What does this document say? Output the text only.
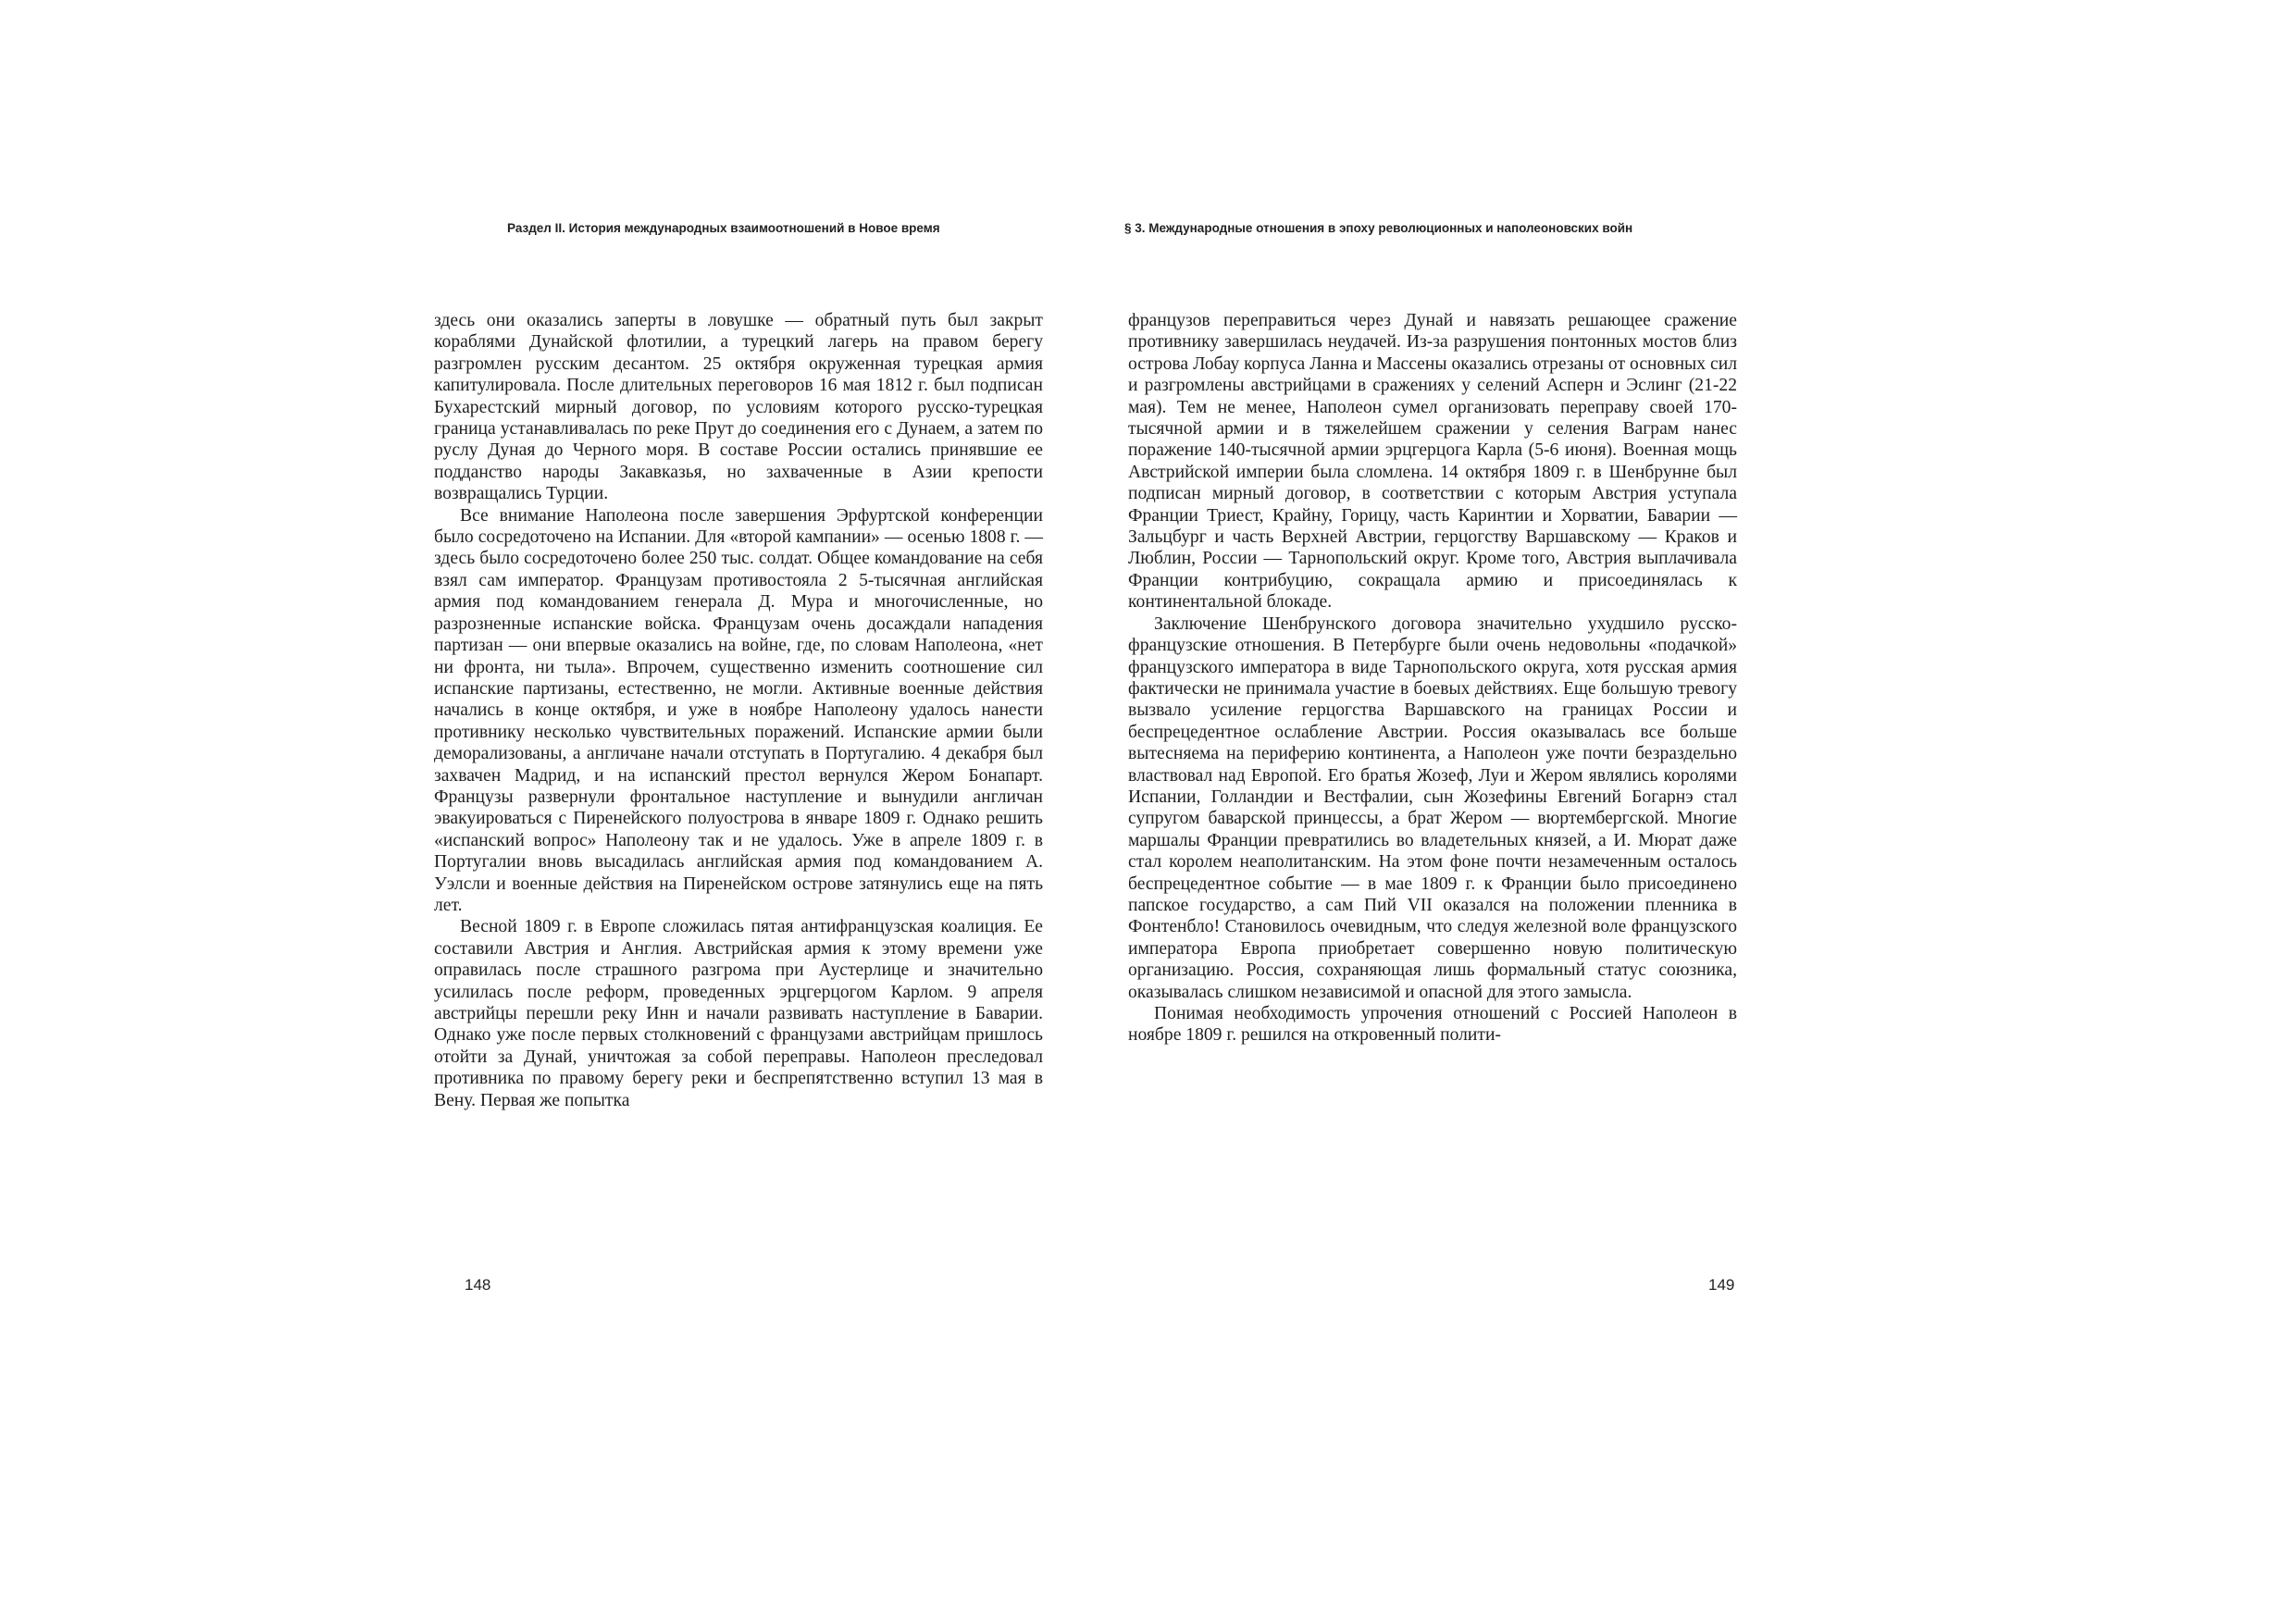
Раздел II. История международных взаимоотношений в Новое время

здесь они оказались заперты в ловушке — обратный путь был закрыт кораблями Дунайской флотилии, а турецкий лагерь на правом берегу разгромлен русским десантом. 25 октября окруженная турецкая армия капитулировала. После длительных переговоров 16 мая 1812 г. был подписан Бухарестский мирный договор, по условиям которого русско-турецкая граница устанавливалась по реке Прут до соединения его с Дунаем, а затем по руслу Дуная до Черного моря. В составе России остались принявшие ее подданство народы Закавказья, но захваченные в Азии крепости возвращались Турции.

Все внимание Наполеона после завершения Эрфуртской конференции было сосредоточено на Испании. Для «второй кампании» — осенью 1808 г. — здесь было сосредоточено более 250 тыс. солдат. Общее командование на себя взял сам император. Французам противостояла 2 5-тысячная английская армия под командованием генерала Д. Мура и многочисленные, но разрозненные испанские войска. Французам очень досаждали нападения партизан — они впервые оказались на войне, где, по словам Наполеона, «нет ни фронта, ни тыла». Впрочем, существенно изменить соотношение сил испанские партизаны, естественно, не могли. Активные военные действия начались в конце октября, и уже в ноябре Наполеону удалось нанести противнику несколько чувствительных поражений. Испанские армии были деморализованы, а англичане начали отступать в Португалию. 4 декабря был захвачен Мадрид, и на испанский престол вернулся Жером Бонапарт. Французы развернули фронтальное наступление и вынудили англичан эвакуироваться с Пиренейского полуострова в январе 1809 г. Однако решить «испанский вопрос» Наполеону так и не удалось. Уже в апреле 1809 г. в Португалии вновь высадилась английская армия под командованием А. Уэлсли и военные действия на Пиренейском острове затянулись еще на пять лет.

Весной 1809 г. в Европе сложилась пятая антифранцузская коалиция. Ее составили Австрия и Англия. Австрийская армия к этому времени уже оправилась после страшного разгрома при Аустерлице и значительно усилилась после реформ, проведенных эрцгерцогом Карлом. 9 апреля австрийцы перешли реку Инн и начали развивать наступление в Баварии. Однако уже после первых столкновений с французами австрийцам пришлось отойти за Дунай, уничтожая за собой переправы. Наполеон преследовал противника по правому берегу реки и беспрепятственно вступил 13 мая в Вену. Первая же попытка

148
§ 3. Международные отношения в эпоху революционных и наполеоновских войн

французов переправиться через Дунай и навязать решающее сражение противнику завершилась неудачей. Из-за разрушения понтонных мостов близ острова Лобау корпуса Ланна и Массены оказались отрезаны от основных сил и разгромлены австрийцами в сражениях у селений Асперн и Эслинг (21-22 мая). Тем не менее, Наполеон сумел организовать переправу своей 170-тысячной армии и в тяжелейшем сражении у селения Ваграм нанес поражение 140-тысячной армии эрцгерцога Карла (5-6 июня). Военная мощь Австрийской империи была сломлена. 14 октября 1809 г. в Шенбрунне был подписан мирный договор, в соответствии с которым Австрия уступала Франции Триест, Крайну, Горицу, часть Каринтии и Хорватии, Баварии — Зальцбург и часть Верхней Австрии, герцогству Варшавскому — Краков и Люблин, России — Тарнопольский округ. Кроме того, Австрия выплачивала Франции контрибуцию, сокращала армию и присоединялась к континентальной блокаде.

Заключение Шенбрунского договора значительно ухудшило русско-французские отношения. В Петербурге были очень недовольны «подачкой» французского императора в виде Тарнопольского округа, хотя русская армия фактически не принимала участие в боевых действиях. Еще большую тревогу вызвало усиление герцогства Варшавского на границах России и беспрецедентное ослабление Австрии. Россия оказывалась все больше вытесняема на периферию континента, а Наполеон уже почти безраздельно властвовал над Европой. Его братья Жозеф, Луи и Жером являлись королями Испании, Голландии и Вестфалии, сын Жозефины Евгений Богарнэ стал супругом баварской принцессы, а брат Жером — вюртембергской. Многие маршалы Франции превратились во владетельных князей, а И. Мюрат даже стал королем неаполитанским. На этом фоне почти незамеченным осталось беспрецедентное событие — в мае 1809 г. к Франции было присоединено папское государство, а сам Пий VII оказался на положении пленника в Фонтенбло! Становилось очевидным, что следуя железной воле французского императора Европа приобретает совершенно новую политическую организацию. Россия, сохраняющая лишь формальный статус союзника, оказывалась слишком независимой и опасной для этого замысла.

Понимая необходимость упрочения отношений с Россией Наполеон в ноябре 1809 г. решился на откровенный полити-

149
